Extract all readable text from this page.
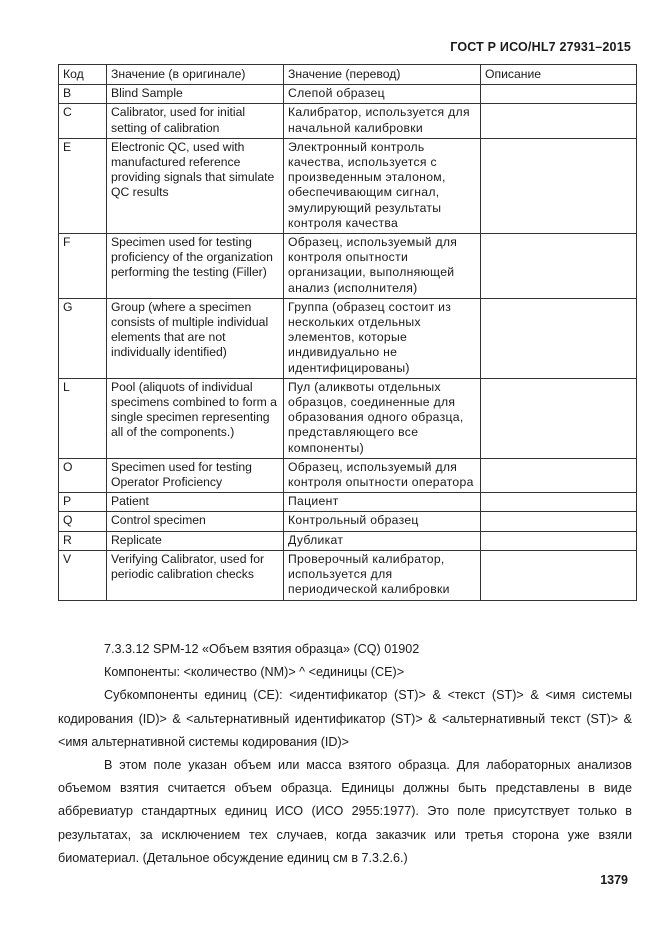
ГОСТ Р ИСО/HL7 27931–2015
Код	Значение (в оригинале)	Значение (перевод)	Описание
B	Blind Sample	Слепой образец	
C	Calibrator, used for initial setting of calibration	Калибратор, используется для начальной калибровки	
E	Electronic QC, used with manufactured reference providing signals that simulate QC results	Электронный контроль качества, используется с произведенным эталоном, обеспечивающим сигнал, эмулирующий результаты контроля качества	
F	Specimen used for testing proficiency of the organization performing the testing (Filler)	Образец, используемый для контроля опытности организации, выполняющей анализ (исполнителя)	
G	Group (where a specimen consists of multiple individual elements that are not individually identified)	Группа (образец состоит из нескольких отдельных элементов, которые индивидуально не идентифицированы)	
L	Pool (aliquots of individual specimens combined to form a single specimen representing all of the components.)	Пул (аликвоты отдельных образцов, соединенные для образования одного образца, представляющего все компоненты)	
O	Specimen used for testing Operator Proficiency	Образец, используемый для контроля опытности оператора	
P	Patient	Пациент	
Q	Control specimen	Контрольный образец	
R	Replicate	Дубликат	
V	Verifying Calibrator, used for periodic calibration checks	Проверочный калибратор, используется для периодической калибровки	

7.3.3.12 SPM-12 «Объем взятия образца» (CQ) 01902

Компоненты: <количество (NM)> ^ <единицы (CE)>

Субкомпоненты единиц (CE): <идентификатор (ST)> & <текст (ST)> & <имя системы кодирования (ID)> & <альтернативный идентификатор (ST)> & <альтернативный текст (ST)> & <имя альтернативной системы кодирования (ID)>

В этом поле указан объем или масса взятого образца. Для лабораторных анализов объемом взятия считается объем образца. Единицы должны быть представлены в виде аббревиатур стандартных единиц ИСО (ИСО 2955:1977). Это поле присутствует только в результатах, за исключением тех случаев, когда заказчик или третья сторона уже взяли биоматериал. (Детальное обсуждение единиц см в 7.3.2.6.)

1379
